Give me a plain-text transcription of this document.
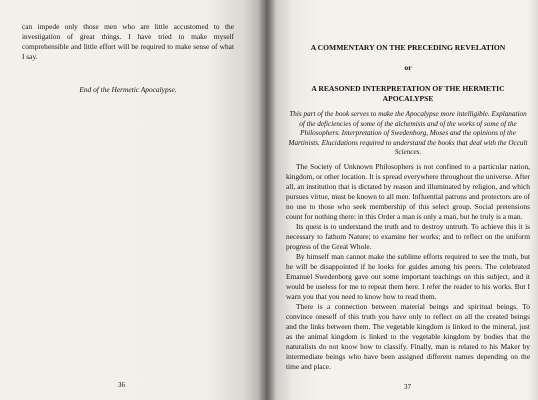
can impede only those men who are little accustomed to the investigation of great things. I have tried to make myself comprehensible and little effort will be required to make sense of what I say.

End of the Hermetic Apocalypse.

36

A COMMENTARY ON THE PRECEDING REVELATION

or

A REASONED INTERPRETATION OF THE HERMETIC APOCALYPSE

This part of the book serves to make the Apocalypse more intelligible. Explanation of the deficiencies of some of the alchemists and of the works of some of the Philosophers. Interpretation of Swedenborg, Moses and the opinions of the Martinists. Elucidations required to understand the books that deal with the Occult Sciences.

The Society of Unknown Philosophers is not confined to a particular nation, kingdom, or other location. It is spread everywhere throughout the universe. After all, an institution that is dictated by reason and illuminated by religion, and which pursues virtue, must be known to all men. Influential patrons and protectors are of no use to those who seek membership of this select group. Social pretensions count for nothing there: in this Order a man is only a man, but he truly is a man.

Its quest is to understand the truth and to destroy untruth. To achieve this it is necessary to fathom Nature; to examine her works; and to reflect on the uniform progress of the Great Whole.

By himself man cannot make the sublime efforts required to see the truth, but he will be disappointed if he looks for guides among his peers. The celebrated Emanuel Swedenborg gave out some important teachings on this subject, and it would be useless for me to repeat them here. I refer the reader to his works. But I warn you that you need to know how to read them.

There is a connection between material beings and spiritual beings. To convince oneself of this truth you have only to reflect on all the created beings and the links between them. The vegetable kingdom is linked to the mineral, just as the animal kingdom is linked to the vegetable kingdom by bodies that the naturalists do not know how to classify. Finally, man is related to his Maker by intermediate beings who have been assigned different names depending on the time and place.

37
